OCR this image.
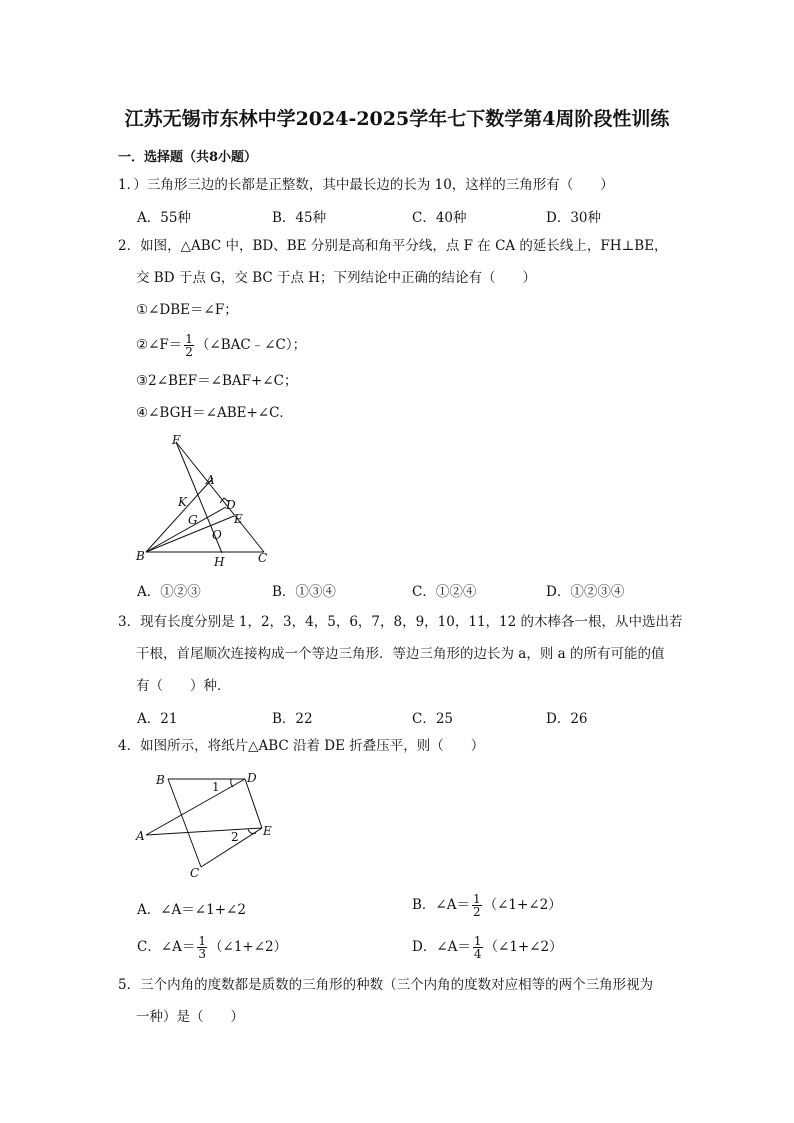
江苏无锡市东林中学2024-2025学年七下数学第4周阶段性训练
一．选择题（共8小题）
1．）三角形三边的长都是正整数，其中最长边的长为 10，这样的三角形有（　　）
A．55种	B．45种	C．40种	D．30种
2．如图，△ABC 中，BD、BE 分别是高和角平分线，点 F 在 CA 的延长线上，FH⊥BE，
交 BD 于点 G，交 BC 于点 H；下列结论中正确的结论有（　　）
①∠DBE＝∠F；
②∠F＝ $\frac{1}{2}$ （∠BAC﹣∠C）；
③2∠BEF＝∠BAF+∠C；
④∠BGH＝∠ABE+∠C．
F
A
K	D
G	E
O
B	H	C
A．①②③	B．①③④	C．①②④	D．①②③④
3．现有长度分别是 1，2，3，4，5，6，7，8，9，10，11，12 的木棒各一根，从中选出若
干根，首尾顺次连接构成一个等边三角形．等边三角形的边长为 a，则 a 的所有可能的值
有（　　）种．
A．21	B．22	C．25	D．26
4．如图所示，将纸片△ABC 沿着 DE 折叠压平，则（　　）
B	D
A	E
C
1
2
A．∠A＝∠1+∠2	B．∠A＝ $\frac{1}{2}$ （∠1+∠2）
C．∠A＝ $\frac{1}{3}$ （∠1+∠2）	D．∠A＝ $\frac{1}{4}$ （∠1+∠2）
5．三个内角的度数都是质数的三角形的种数（三个内角的度数对应相等的两个三角形视为
一种）是（　　）
